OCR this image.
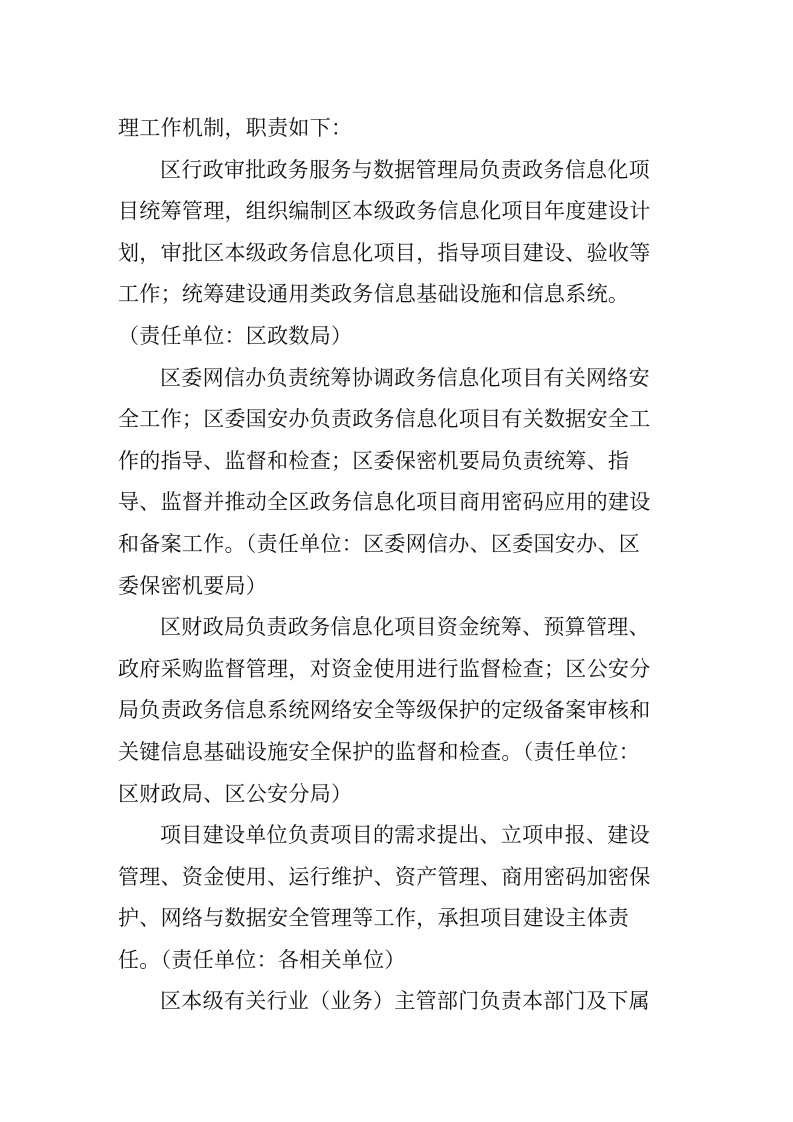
理工作机制，职责如下：
区行政审批政务服务与数据管理局负责政务信息化项
目统筹管理，组织编制区本级政务信息化项目年度建设计
划，审批区本级政务信息化项目，指导项目建设、验收等
工作；统筹建设通用类政务信息基础设施和信息系统。
（责任单位：区政数局）
区委网信办负责统筹协调政务信息化项目有关网络安
全工作；区委国安办负责政务信息化项目有关数据安全工
作的指导、监督和检查；区委保密机要局负责统筹、指
导、监督并推动全区政务信息化项目商用密码应用的建设
和备案工作。（责任单位：区委网信办、区委国安办、区
委保密机要局）
区财政局负责政务信息化项目资金统筹、预算管理、
政府采购监督管理，对资金使用进行监督检查；区公安分
局负责政务信息系统网络安全等级保护的定级备案审核和
关键信息基础设施安全保护的监督和检查。（责任单位：
区财政局、区公安分局）
项目建设单位负责项目的需求提出、立项申报、建设
管理、资金使用、运行维护、资产管理、商用密码加密保
护、网络与数据安全管理等工作，承担项目建设主体责
任。（责任单位：各相关单位）
区本级有关行业（业务）主管部门负责本部门及下属
